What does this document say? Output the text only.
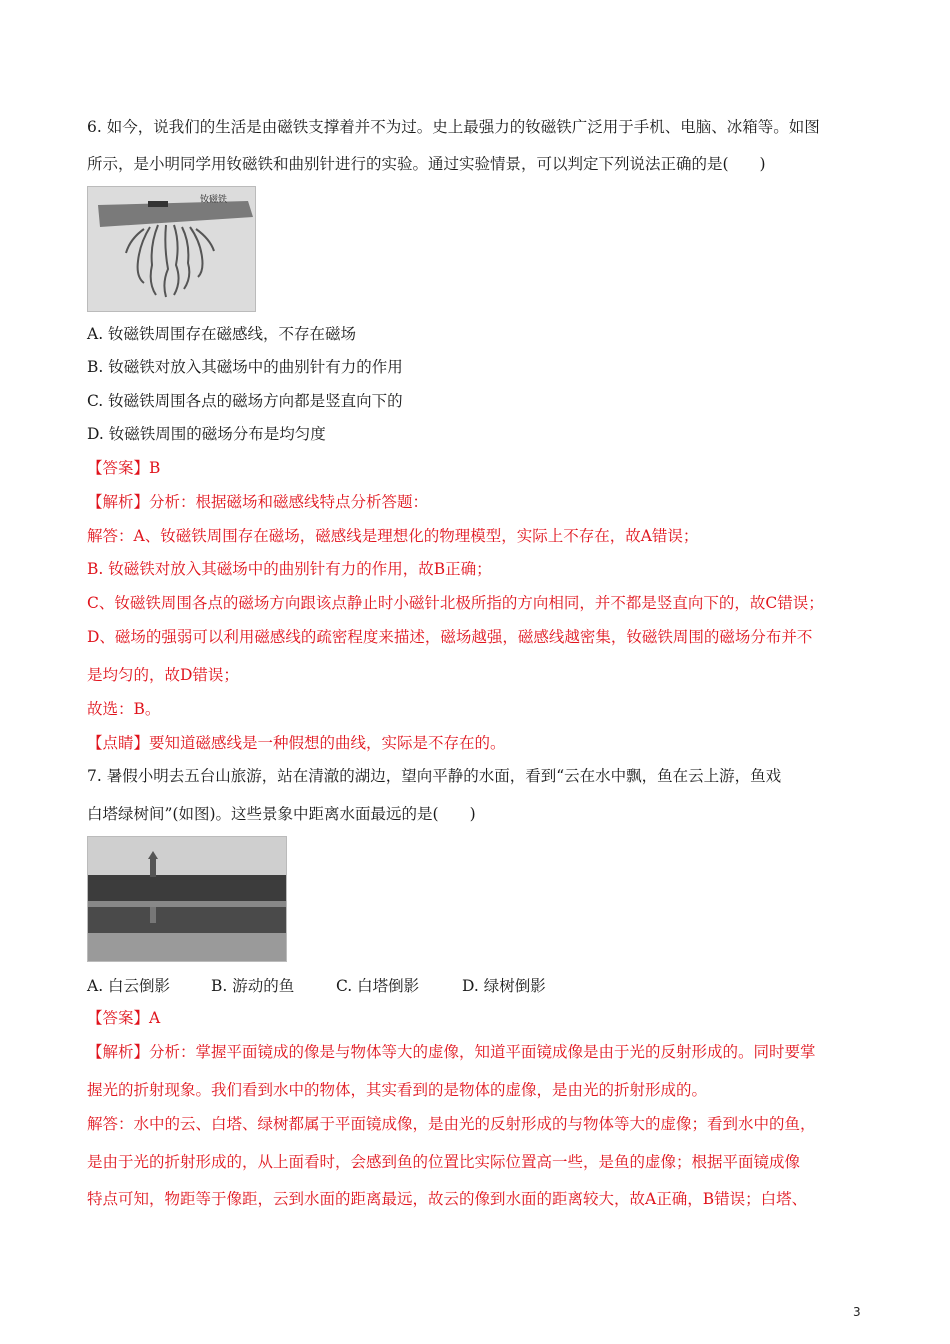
6. 如今，说我们的生活是由磁铁支撑着并不为过。史上最强力的钕磁铁广泛用于手机、电脑、冰箱等。如图
所示，是小明同学用钕磁铁和曲别针进行的实验。通过实验情景，可以判定下列说法正确的是(　　)
钕磁铁
A. 钕磁铁周围存在磁感线，不存在磁场
B. 钕磁铁对放入其磁场中的曲别针有力的作用
C. 钕磁铁周围各点的磁场方向都是竖直向下的
D. 钕磁铁周围的磁场分布是均匀度
【答案】B
【解析】分析：根据磁场和磁感线特点分析答题：
解答：A、钕磁铁周围存在磁场，磁感线是理想化的物理模型，实际上不存在，故A错误；
B. 钕磁铁对放入其磁场中的曲别针有力的作用，故B正确；
C、钕磁铁周围各点的磁场方向跟该点静止时小磁针北极所指的方向相同，并不都是竖直向下的，故C错误；
D、磁场的强弱可以利用磁感线的疏密程度来描述，磁场越强，磁感线越密集，钕磁铁周围的磁场分布并不
是均匀的，故D错误；
故选：B。
【点睛】要知道磁感线是一种假想的曲线，实际是不存在的。
7. 暑假小明去五台山旅游，站在清澈的湖边，望向平静的水面，看到“云在水中飘，鱼在云上游，鱼戏
白塔绿树间”(如图)。这些景象中距离水面最远的是(　　)
A. 白云倒影	B. 游动的鱼	C. 白塔倒影	D. 绿树倒影
【答案】A
【解析】分析：掌握平面镜成的像是与物体等大的虚像，知道平面镜成像是由于光的反射形成的。同时要掌
握光的折射现象。我们看到水中的物体，其实看到的是物体的虚像，是由光的折射形成的。
解答：水中的云、白塔、绿树都属于平面镜成像，是由光的反射形成的与物体等大的虚像；看到水中的鱼，
是由于光的折射形成的，从上面看时，会感到鱼的位置比实际位置高一些，是鱼的虚像；根据平面镜成像
特点可知，物距等于像距，云到水面的距离最远，故云的像到水面的距离较大，故A正确，B错误；白塔、
3
